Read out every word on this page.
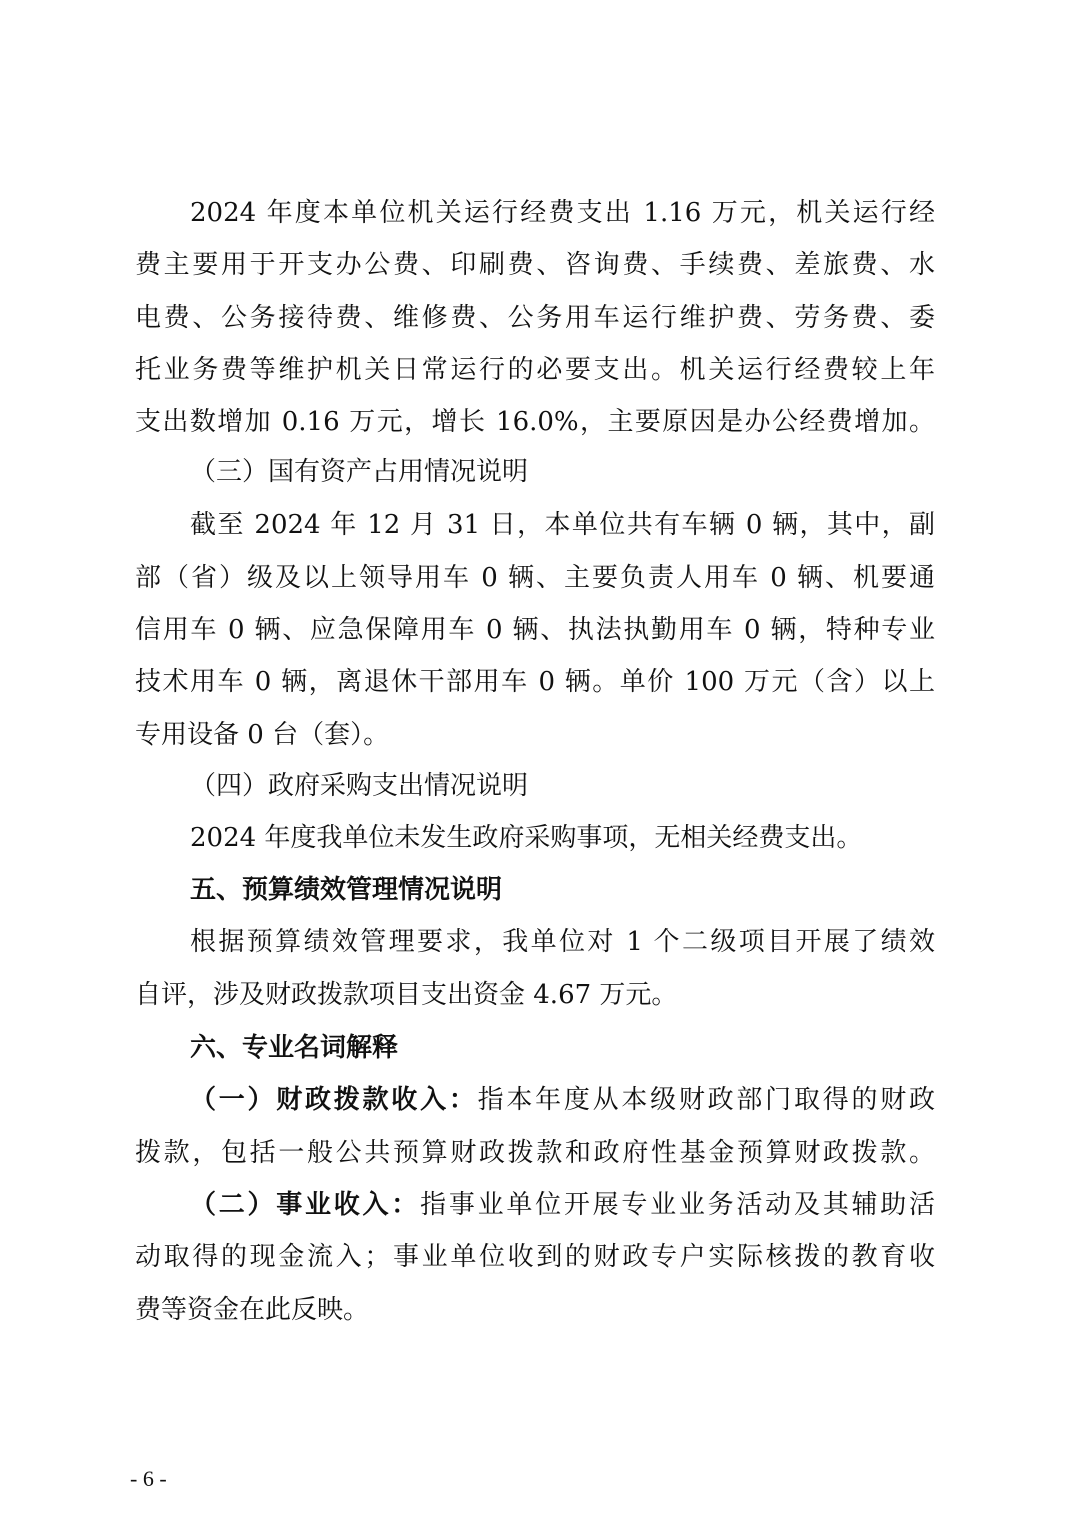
2024 年度本单位机关运行经费支出 1.16 万元，机关运行经
费主要用于开支办公费、印刷费、咨询费、手续费、差旅费、水
电费、公务接待费、维修费、公务用车运行维护费、劳务费、委
托业务费等维护机关日常运行的必要支出。机关运行经费较上年
支出数增加 0.16 万元，增长 16.0%，主要原因是办公经费增加。
（三）国有资产占用情况说明
截至 2024 年 12 月 31 日，本单位共有车辆 0 辆，其中，副
部（省）级及以上领导用车 0 辆、主要负责人用车 0 辆、机要通
信用车 0 辆、应急保障用车 0 辆、执法执勤用车 0 辆，特种专业
技术用车 0 辆，离退休干部用车 0 辆。单价 100 万元（含）以上
专用设备 0 台（套）。
（四）政府采购支出情况说明
2024 年度我单位未发生政府采购事项，无相关经费支出。
五、预算绩效管理情况说明
根据预算绩效管理要求，我单位对 1 个二级项目开展了绩效
自评，涉及财政拨款项目支出资金 4.67 万元。
六、专业名词解释
（一）财政拨款收入：指本年度从本级财政部门取得的财政
拨款，包括一般公共预算财政拨款和政府性基金预算财政拨款。
（二）事业收入：指事业单位开展专业业务活动及其辅助活
动取得的现金流入；事业单位收到的财政专户实际核拨的教育收
费等资金在此反映。
- 6 -
